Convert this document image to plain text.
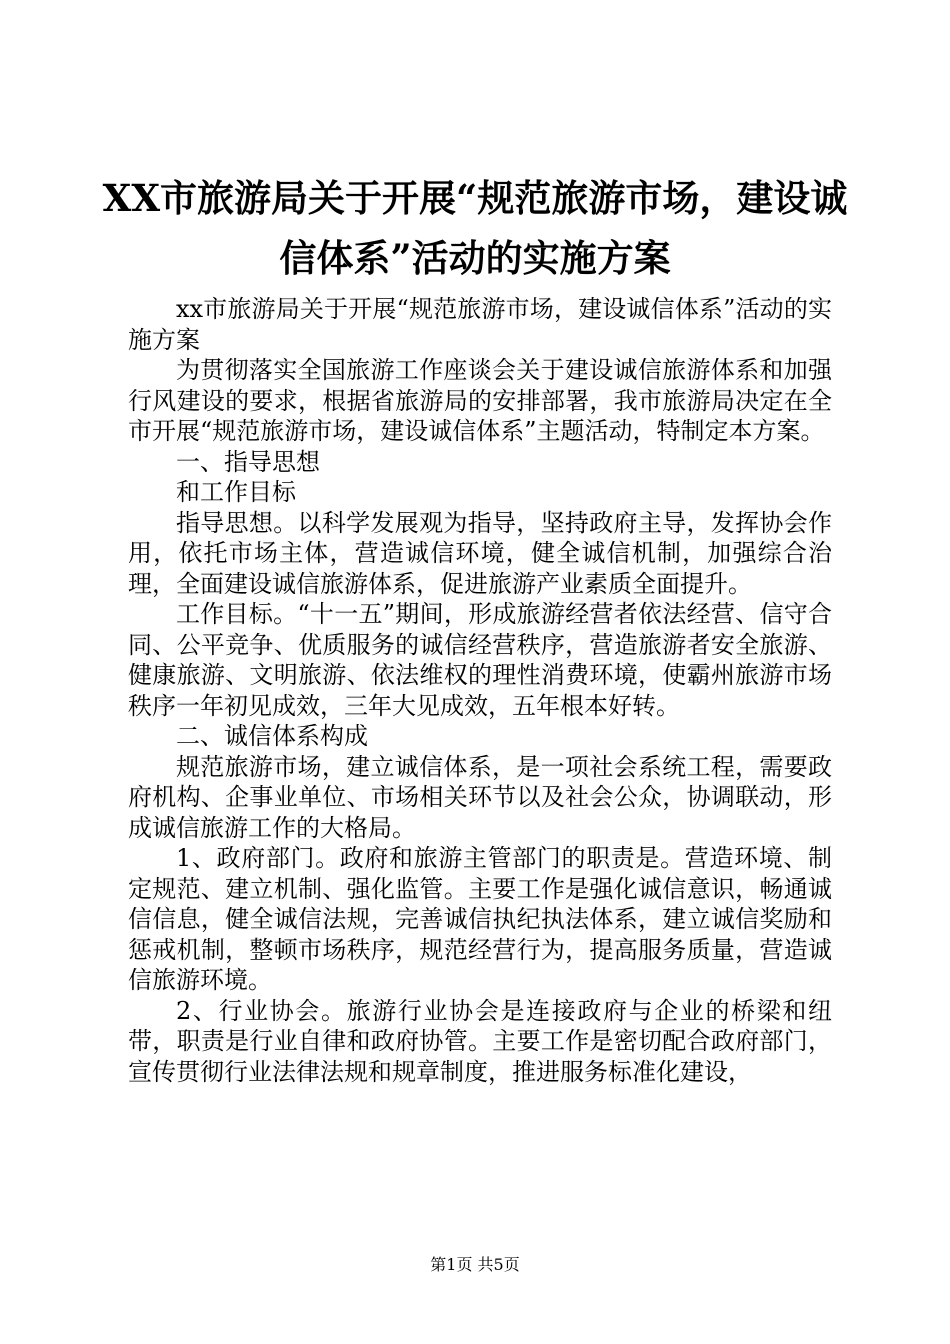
XX市旅游局关于开展“规范旅游市场，建设诚信体系”活动的实施方案

xx市旅游局关于开展“规范旅游市场，建设诚信体系”活动的实施方案

为贯彻落实全国旅游工作座谈会关于建设诚信旅游体系和加强行风建设的要求，根据省旅游局的安排部署，我市旅游局决定在全市开展“规范旅游市场，建设诚信体系”主题活动，特制定本方案。

一、指导思想

和工作目标

指导思想。以科学发展观为指导，坚持政府主导，发挥协会作用，依托市场主体，营造诚信环境，健全诚信机制，加强综合治理，全面建设诚信旅游体系，促进旅游产业素质全面提升。

工作目标。“十一五”期间，形成旅游经营者依法经营、信守合同、公平竞争、优质服务的诚信经营秩序，营造旅游者安全旅游、健康旅游、文明旅游、依法维权的理性消费环境，使霸州旅游市场秩序一年初见成效，三年大见成效，五年根本好转。

二、诚信体系构成

规范旅游市场，建立诚信体系，是一项社会系统工程，需要政府机构、企事业单位、市场相关环节以及社会公众，协调联动，形成诚信旅游工作的大格局。

1、政府部门。政府和旅游主管部门的职责是。营造环境、制定规范、建立机制、强化监管。主要工作是强化诚信意识，畅通诚信信息，健全诚信法规，完善诚信执纪执法体系，建立诚信奖励和惩戒机制，整顿市场秩序，规范经营行为，提高服务质量，营造诚信旅游环境。

2、行业协会。旅游行业协会是连接政府与企业的桥梁和纽带，职责是行业自律和政府协管。主要工作是密切配合政府部门，宣传贯彻行业法律法规和规章制度，推进服务标准化建设，

第1页 共5页
